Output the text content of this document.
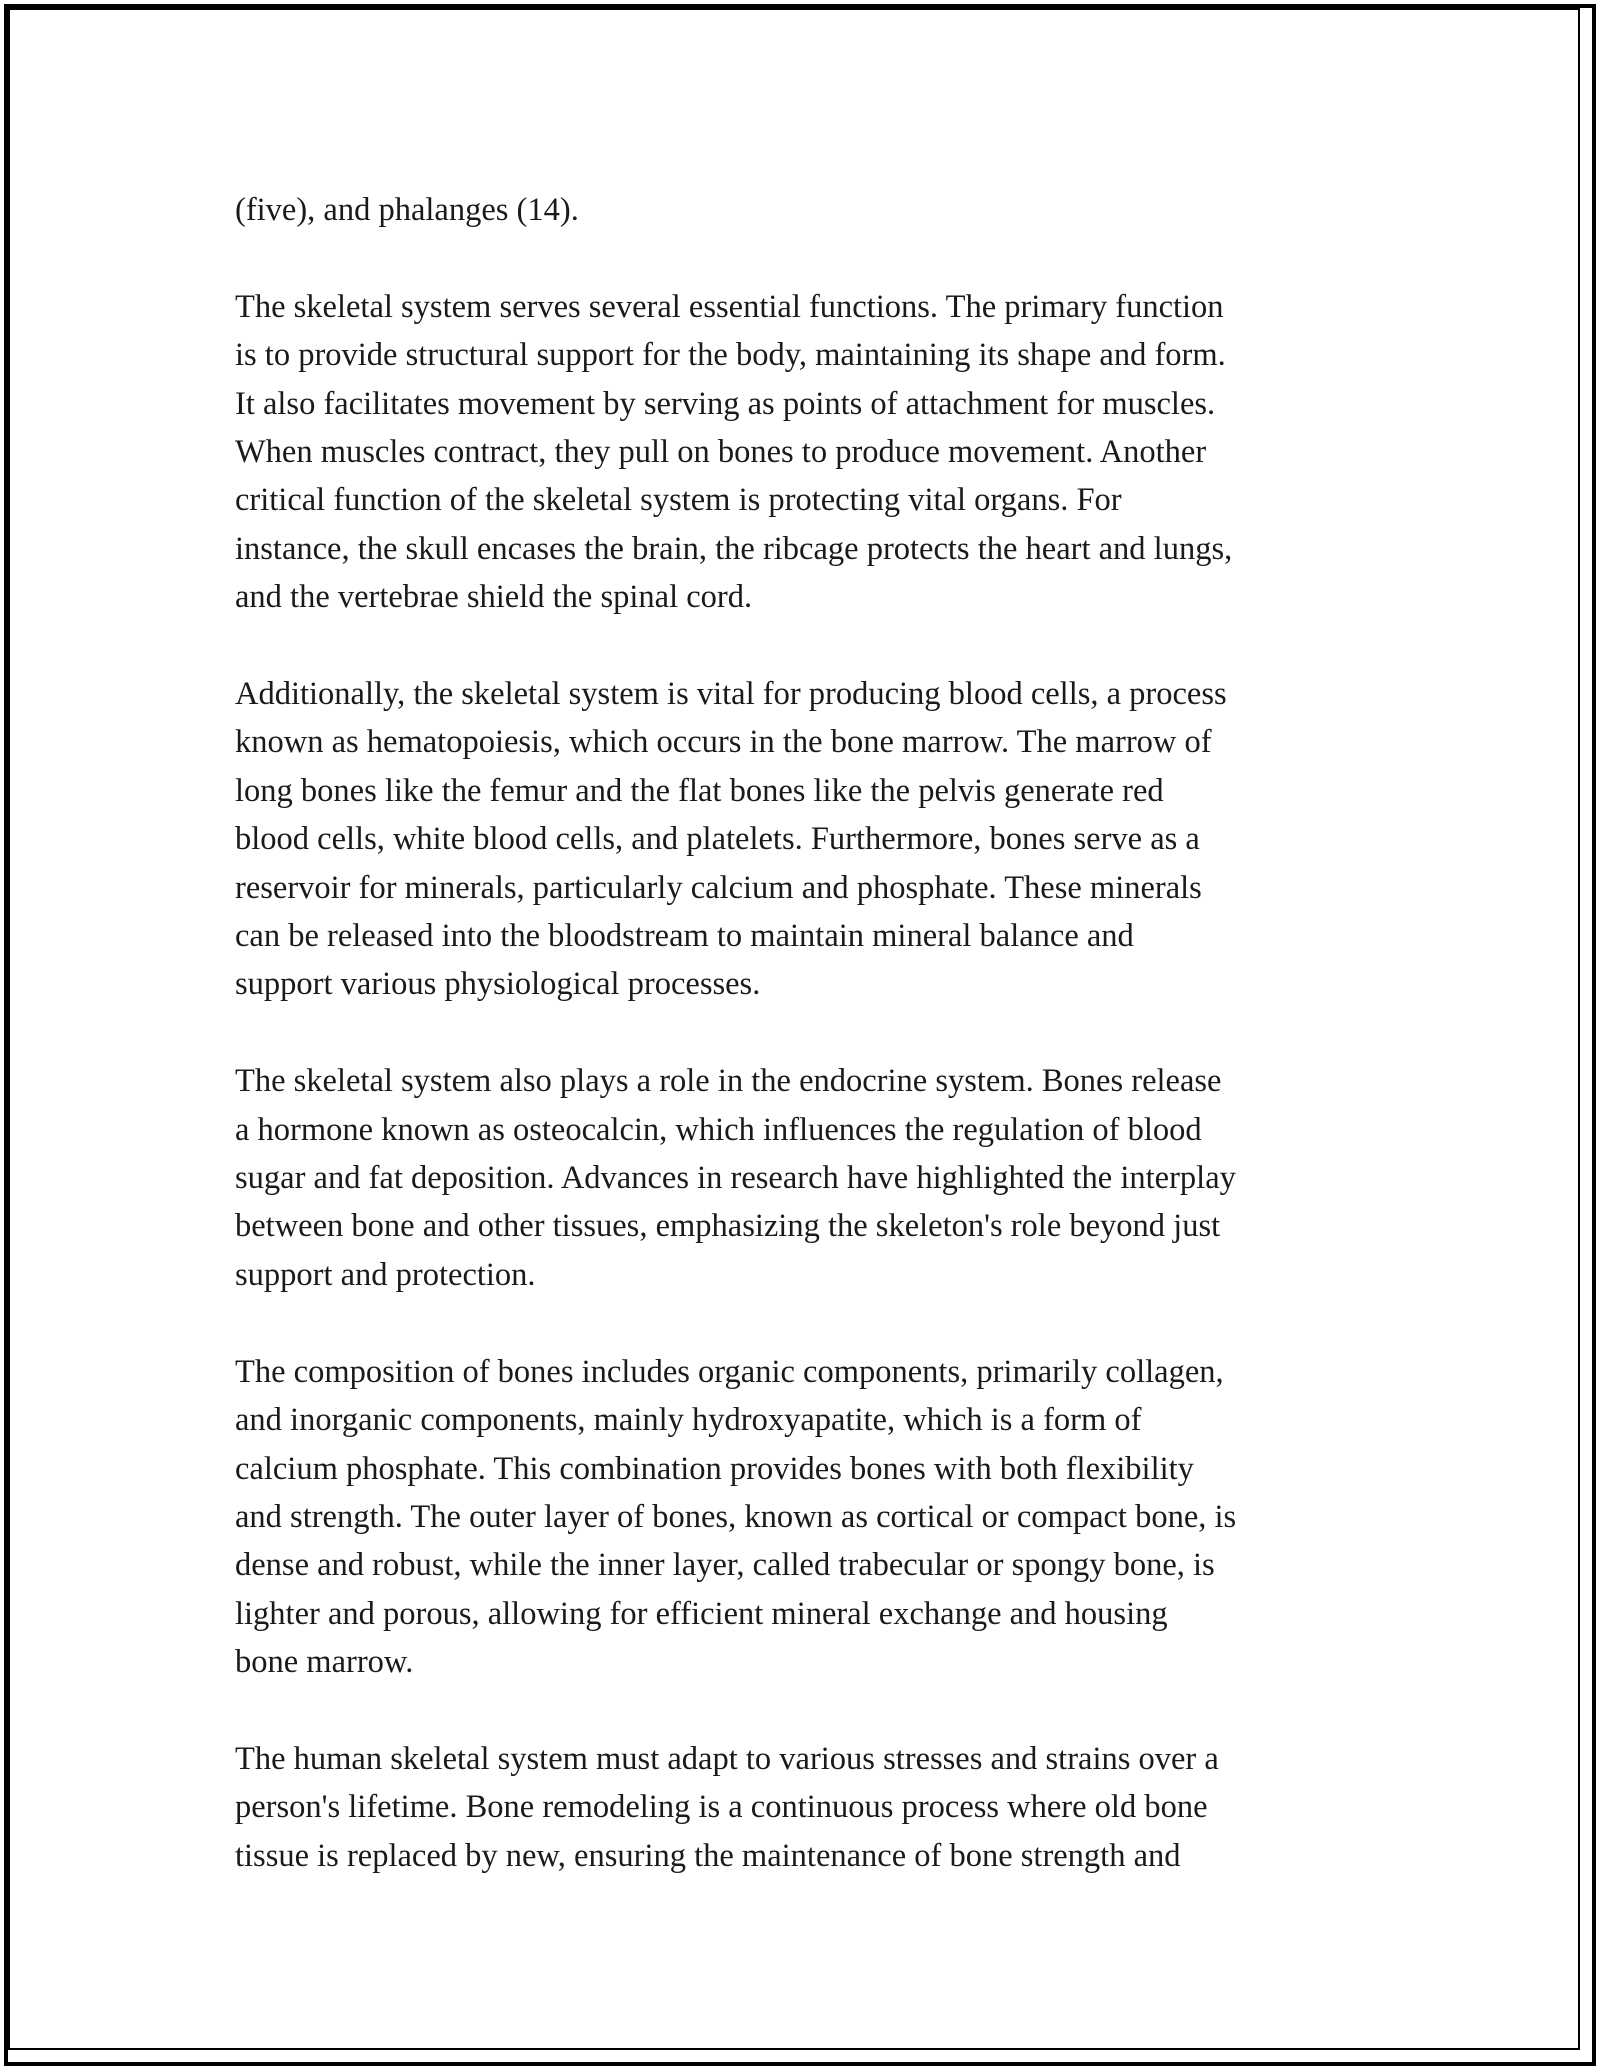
(five), and phalanges (14).

The skeletal system serves several essential functions. The primary function
is to provide structural support for the body, maintaining its shape and form.
It also facilitates movement by serving as points of attachment for muscles.
When muscles contract, they pull on bones to produce movement. Another
critical function of the skeletal system is protecting vital organs. For
instance, the skull encases the brain, the ribcage protects the heart and lungs,
and the vertebrae shield the spinal cord.

Additionally, the skeletal system is vital for producing blood cells, a process
known as hematopoiesis, which occurs in the bone marrow. The marrow of
long bones like the femur and the flat bones like the pelvis generate red
blood cells, white blood cells, and platelets. Furthermore, bones serve as a
reservoir for minerals, particularly calcium and phosphate. These minerals
can be released into the bloodstream to maintain mineral balance and
support various physiological processes.

The skeletal system also plays a role in the endocrine system. Bones release
a hormone known as osteocalcin, which influences the regulation of blood
sugar and fat deposition. Advances in research have highlighted the interplay
between bone and other tissues, emphasizing the skeleton's role beyond just
support and protection.

The composition of bones includes organic components, primarily collagen,
and inorganic components, mainly hydroxyapatite, which is a form of
calcium phosphate. This combination provides bones with both flexibility
and strength. The outer layer of bones, known as cortical or compact bone, is
dense and robust, while the inner layer, called trabecular or spongy bone, is
lighter and porous, allowing for efficient mineral exchange and housing
bone marrow.

The human skeletal system must adapt to various stresses and strains over a
person's lifetime. Bone remodeling is a continuous process where old bone
tissue is replaced by new, ensuring the maintenance of bone strength and
